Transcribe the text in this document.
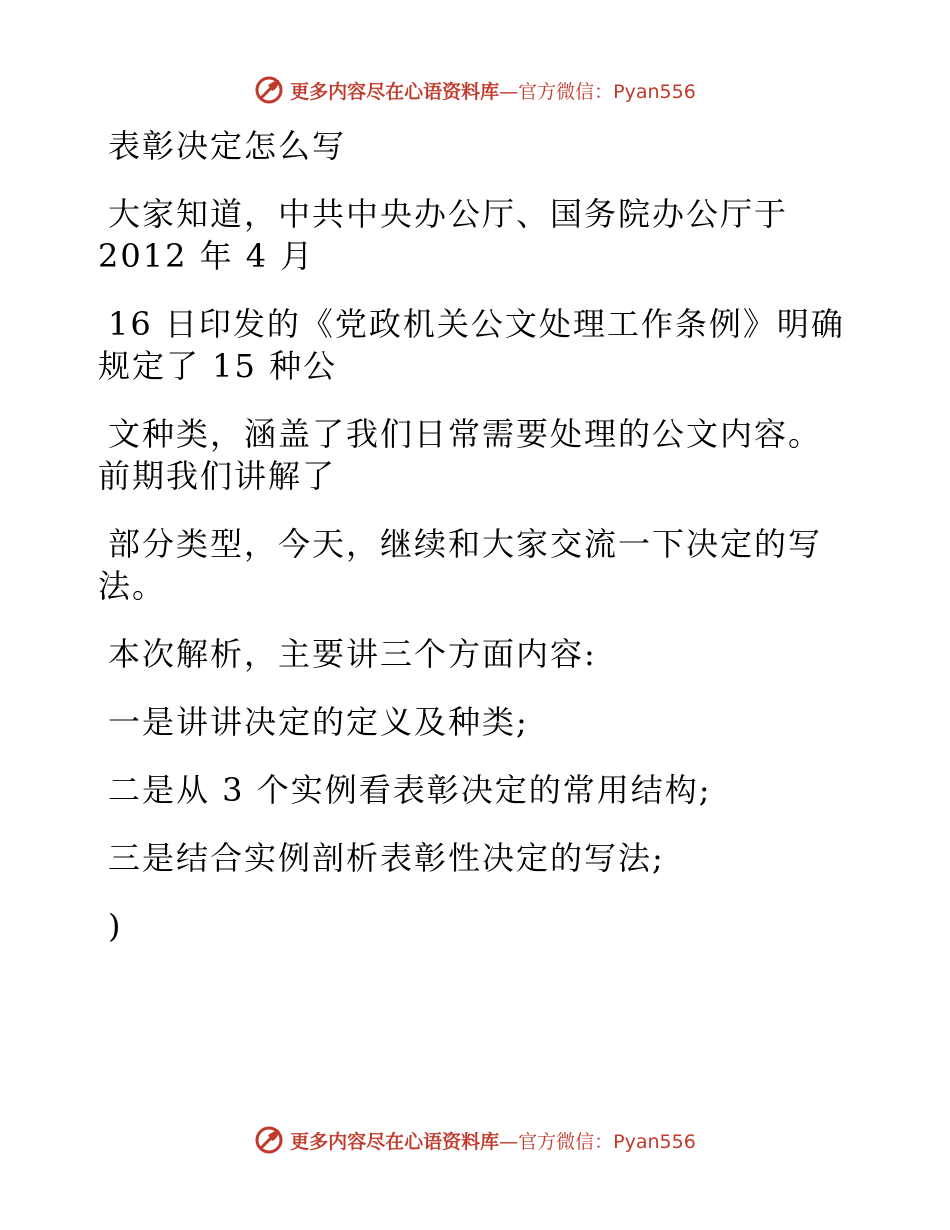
更多内容尽在心语资料库—官方微信：Pyan556
表彰决定怎么写
大家知道，中共中央办公厅、国务院办公厅于
2012 年 4 月
16 日印发的《党政机关公文处理工作条例》明确
规定了 15 种公
文种类，涵盖了我们日常需要处理的公文内容。
前期我们讲解了
部分类型，今天，继续和大家交流一下决定的写
法。
本次解析，主要讲三个方面内容:
一是讲讲决定的定义及种类;
二是从 3 个实例看表彰决定的常用结构;
三是结合实例剖析表彰性决定的写法;
)
更多内容尽在心语资料库—官方微信：Pyan556
